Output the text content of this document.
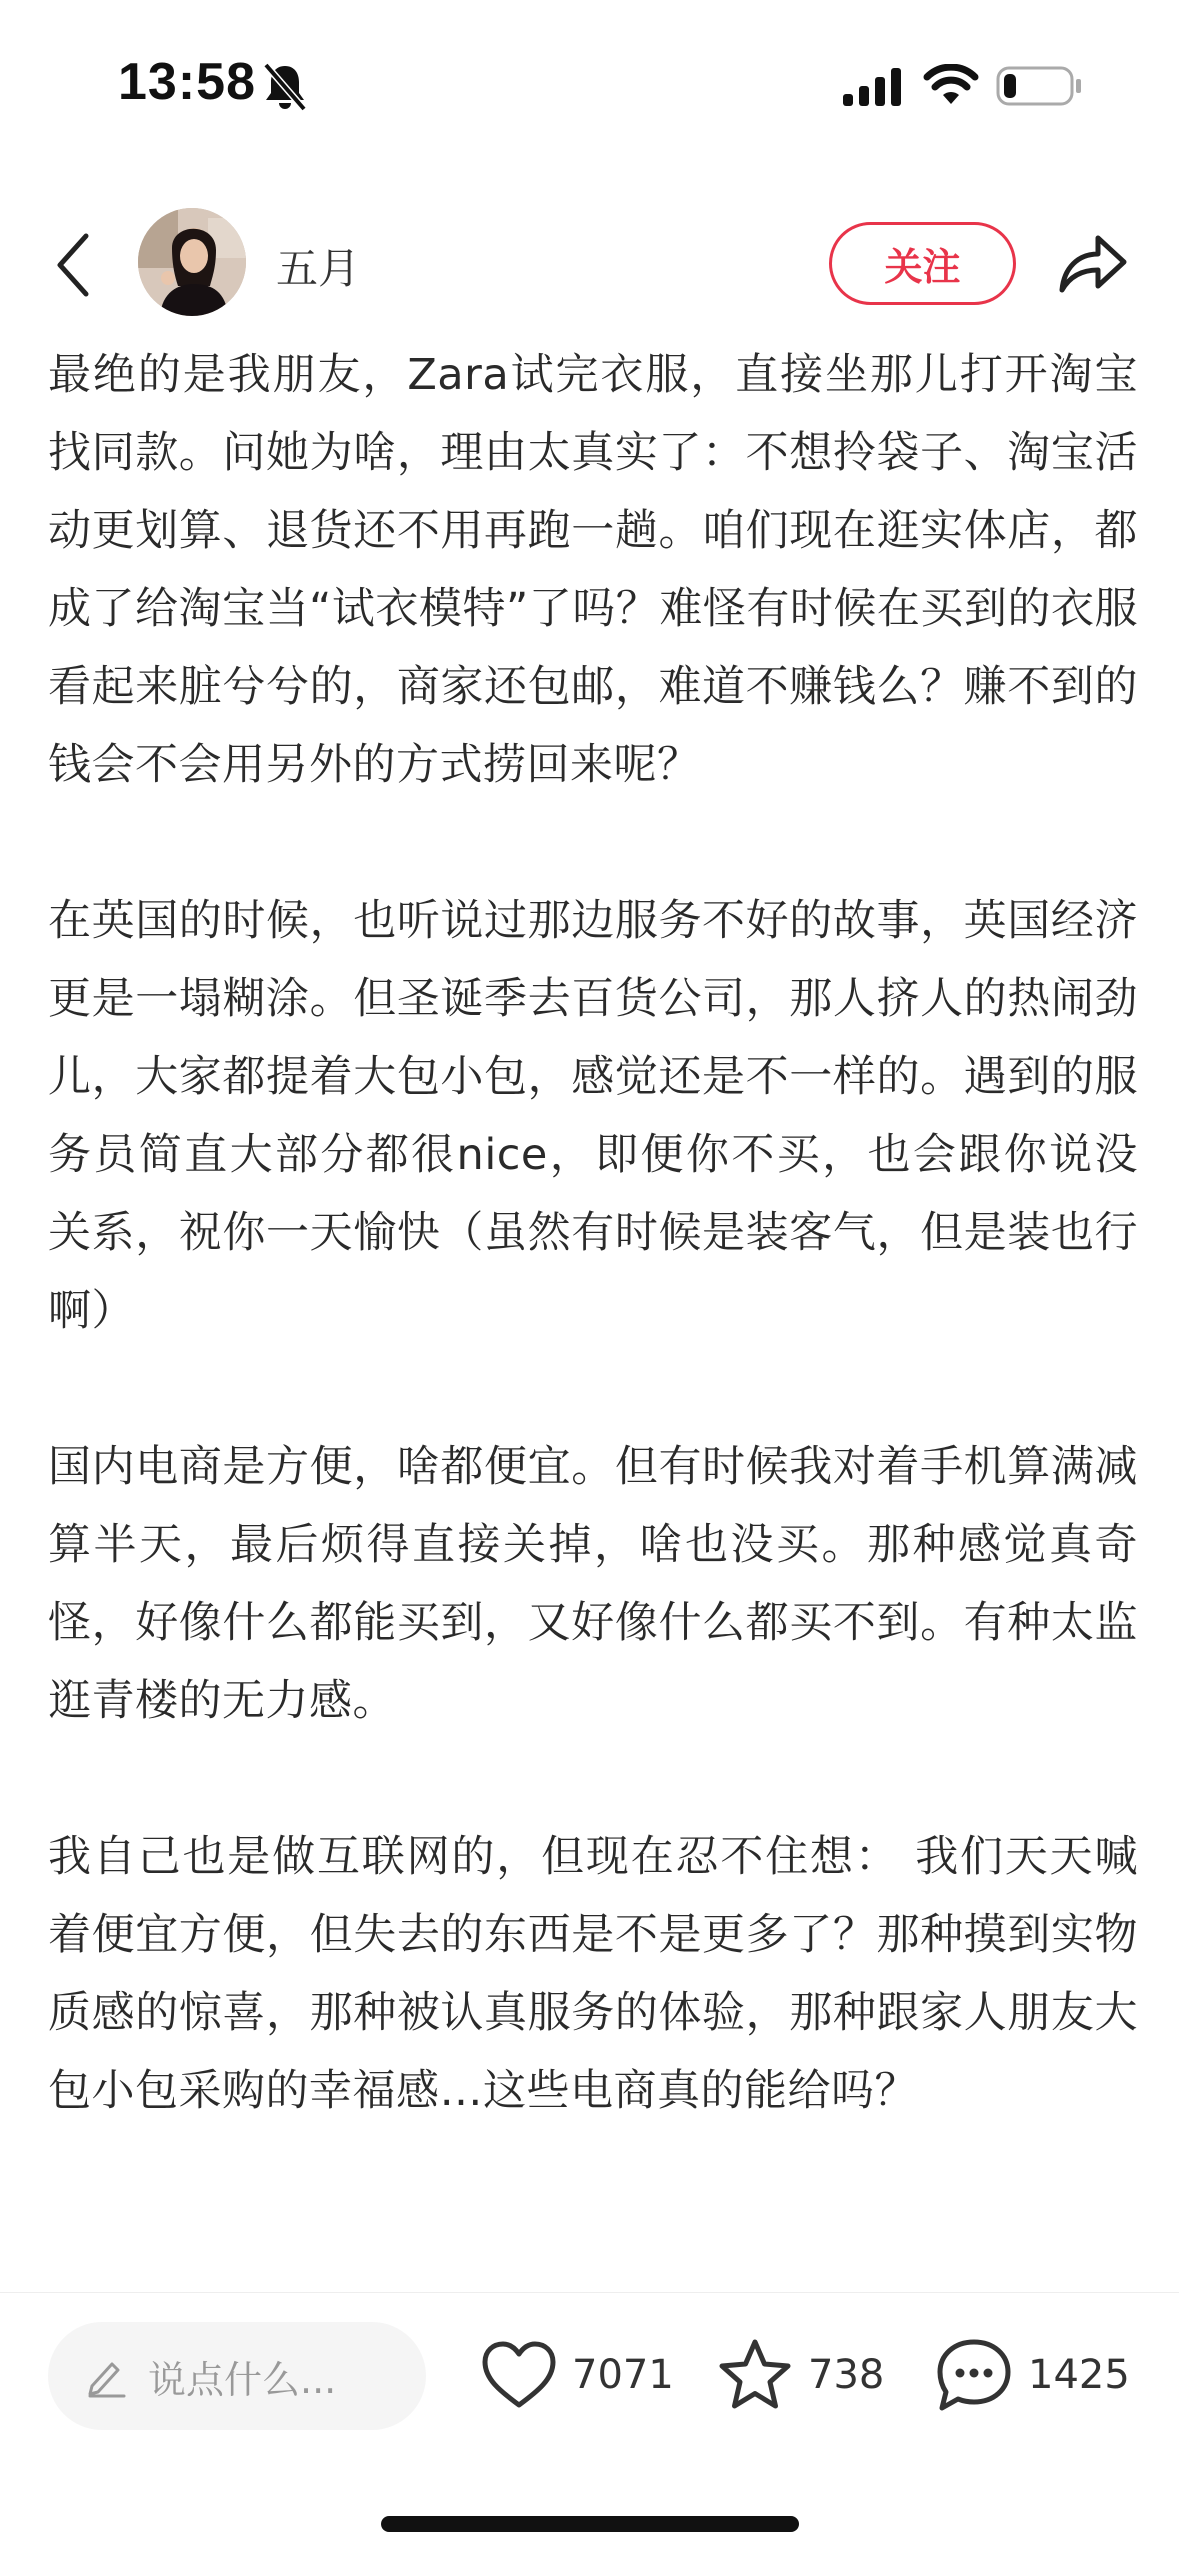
13:58
五月	关注

最绝的是我朋友，Zara试完衣服，直接坐那儿打开淘宝找同款。问她为啥，理由太真实了：不想拎袋子、淘宝活动更划算、退货还不用再跑一趟。咱们现在逛实体店，都成了给淘宝当“试衣模特”了吗？难怪有时候在买到的衣服看起来脏兮兮的，商家还包邮，难道不赚钱么？赚不到的钱会不会用另外的方式捞回来呢？

在英国的时候，也听说过那边服务不好的故事，英国经济更是一塌糊涂。但圣诞季去百货公司，那人挤人的热闹劲儿，大家都提着大包小包，感觉还是不一样的。遇到的服务员简直大部分都很nice，即便你不买，也会跟你说没关系，祝你一天愉快（虽然有时候是装客气，但是装也行啊）

国内电商是方便，啥都便宜。但有时候我对着手机算满减算半天，最后烦得直接关掉，啥也没买。那种感觉真奇怪，好像什么都能买到，又好像什么都买不到。有种太监逛青楼的无力感。

我自己也是做互联网的，但现在忍不住想： 我们天天喊着便宜方便，但失去的东西是不是更多了？那种摸到实物质感的惊喜，那种被认真服务的体验，那种跟家人朋友大包小包采购的幸福感…这些电商真的能给吗？

说点什么...	7071	738	1425
